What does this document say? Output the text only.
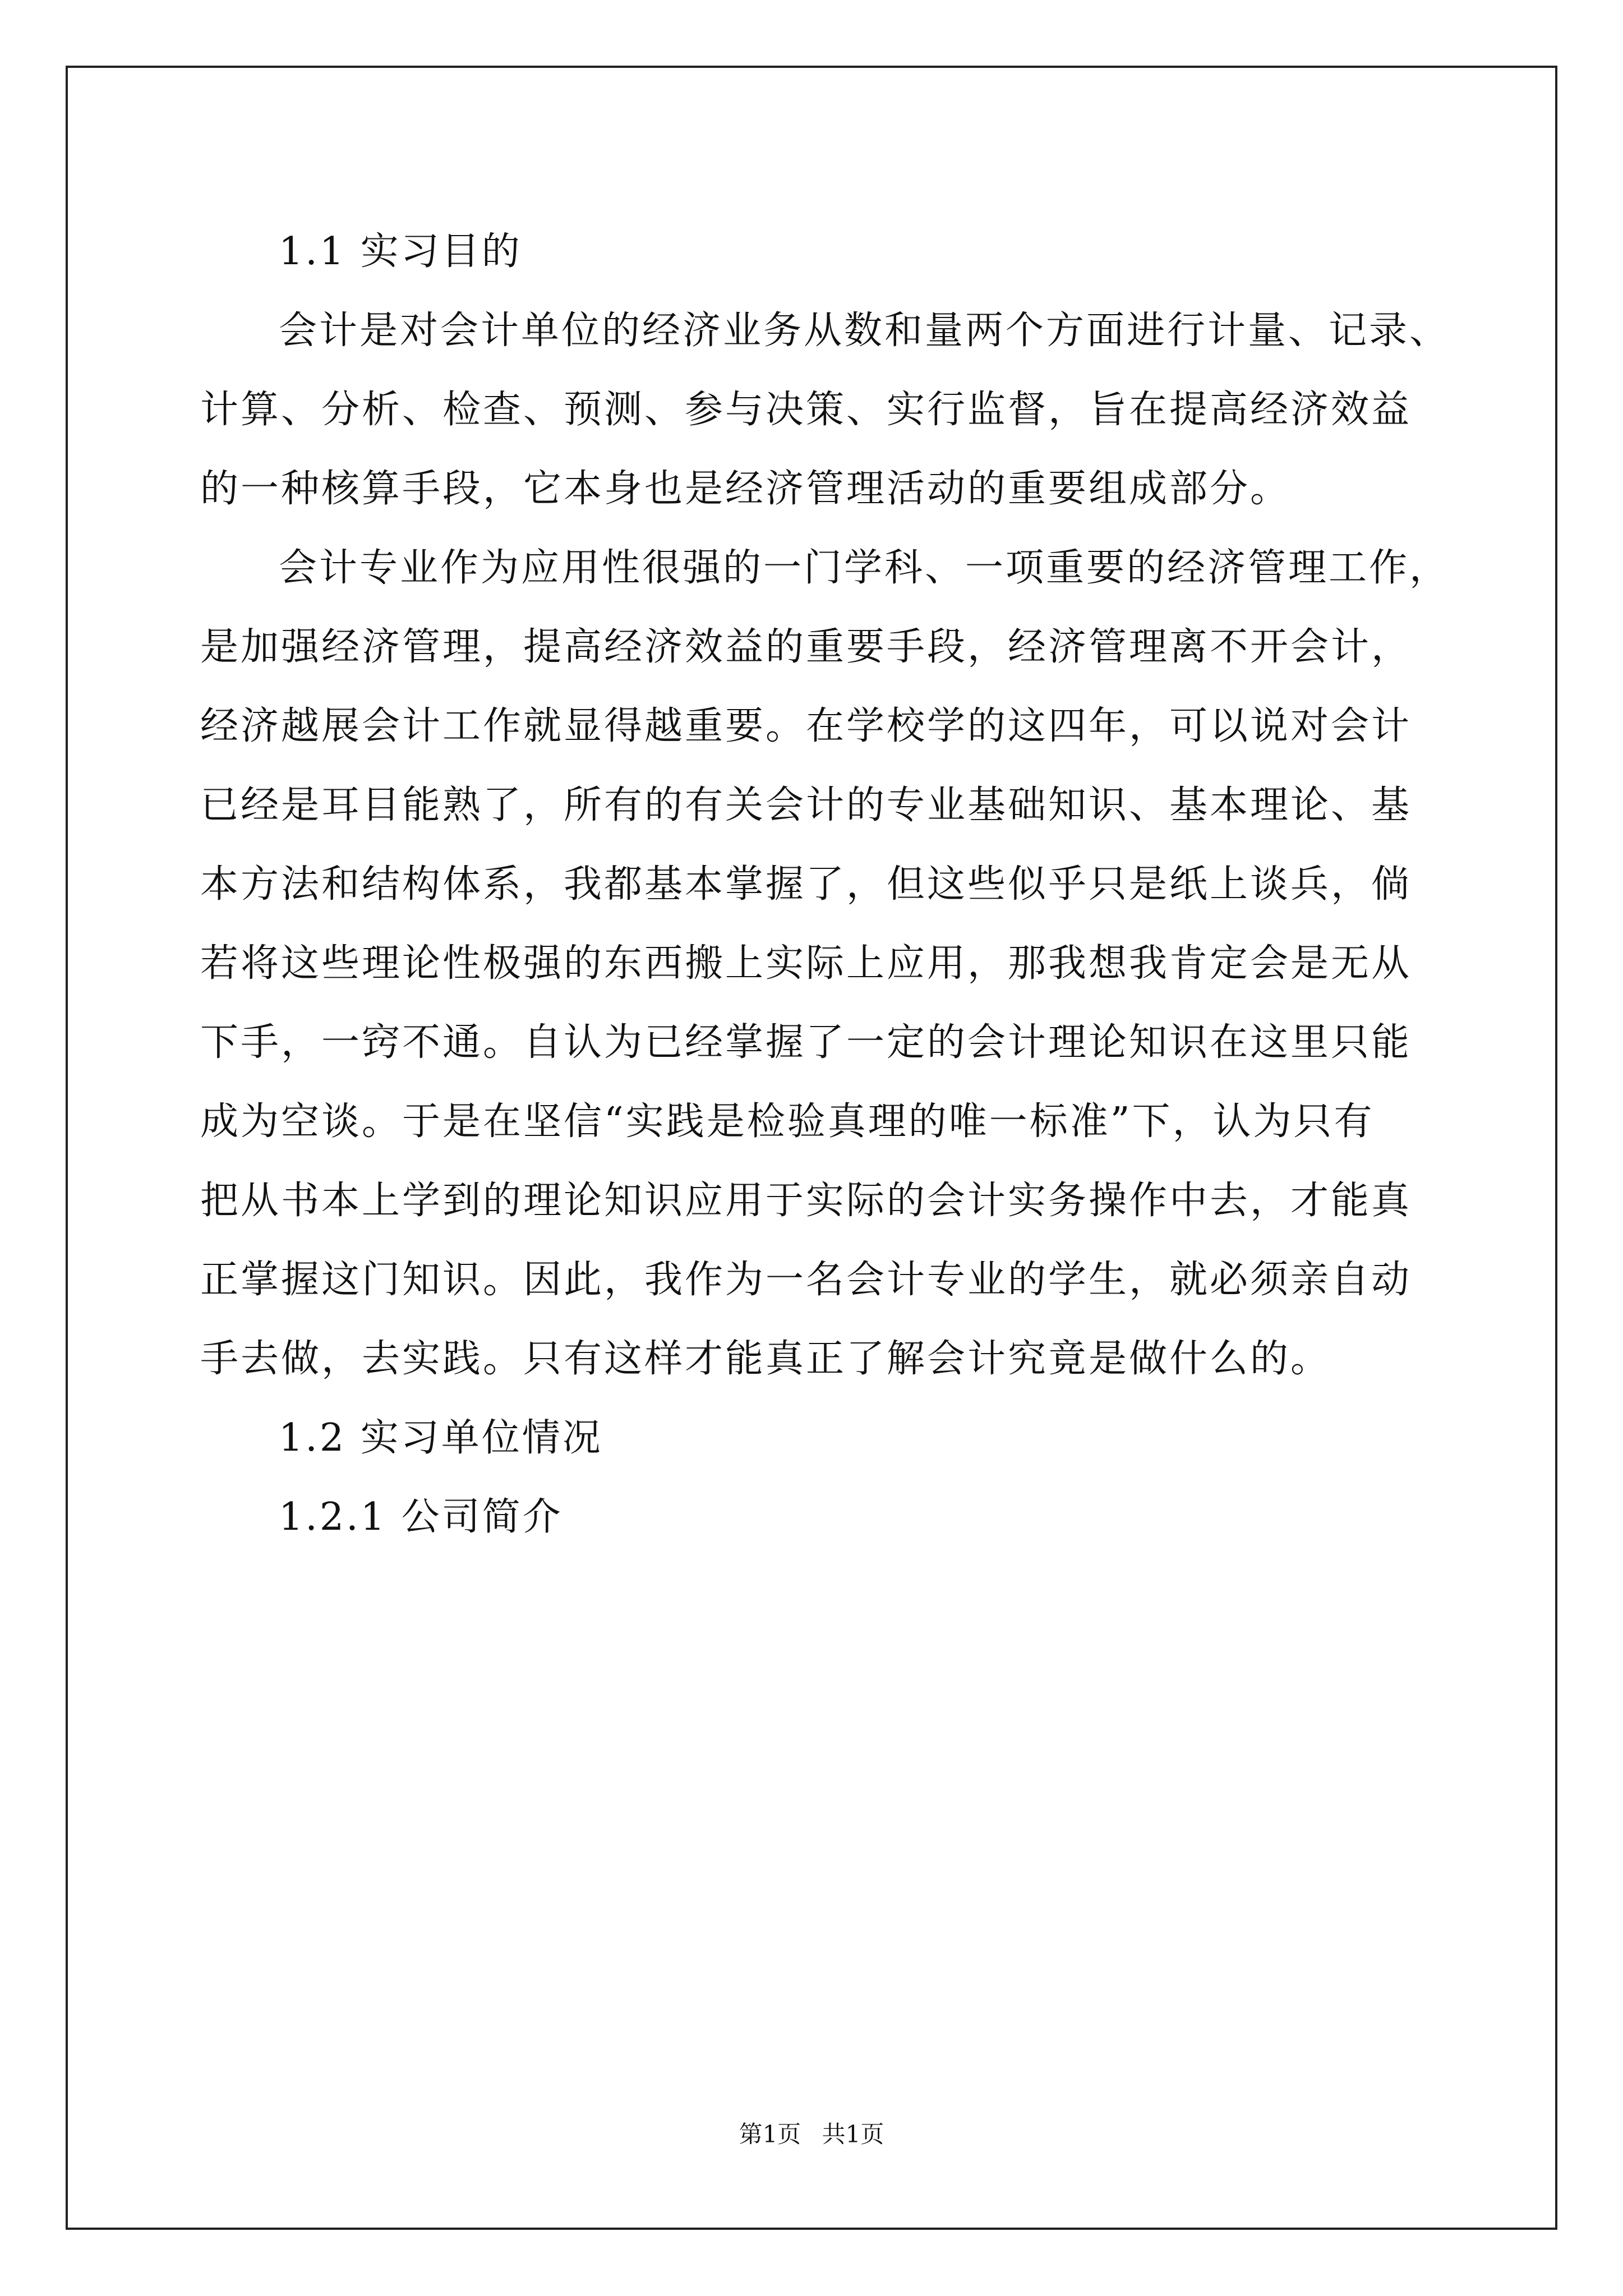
1.1 实习目的
会计是对会计单位的经济业务从数和量两个方面进行计量、记录、
计算、分析、检查、预测、参与决策、实行监督，旨在提高经济效益
的一种核算手段，它本身也是经济管理活动的重要组成部分。
会计专业作为应用性很强的一门学科、一项重要的经济管理工作，
是加强经济管理，提高经济效益的重要手段，经济管理离不开会计，
经济越展会计工作就显得越重要。在学校学的这四年，可以说对会计
已经是耳目能熟了，所有的有关会计的专业基础知识、基本理论、基
本方法和结构体系，我都基本掌握了，但这些似乎只是纸上谈兵，倘
若将这些理论性极强的东西搬上实际上应用，那我想我肯定会是无从
下手，一窍不通。自认为已经掌握了一定的会计理论知识在这里只能
成为空谈。于是在坚信“实践是检验真理的唯一标准”下，认为只有
把从书本上学到的理论知识应用于实际的会计实务操作中去，才能真
正掌握这门知识。因此，我作为一名会计专业的学生，就必须亲自动
手去做，去实践。只有这样才能真正了解会计究竟是做什么的。
1.2 实习单位情况
1.2.1 公司简介
第1页 共1页
